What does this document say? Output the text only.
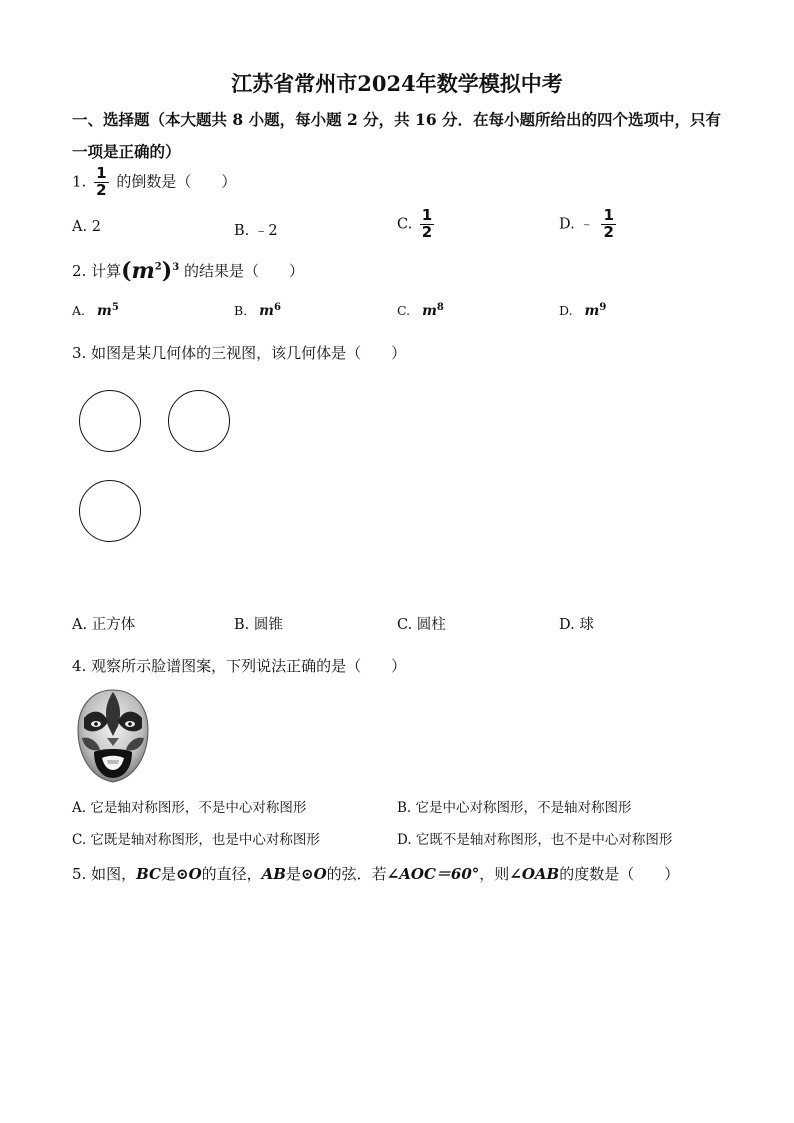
江苏省常州市2024年数学模拟中考
一、选择题（本大题共 8 小题，每小题 2 分，共 16 分．在每小题所给出的四个选项中，只有
一项是正确的）
1. $\frac{1}{2}$ 的倒数是（　　）
A. 2	B. ﹣2	C. $\frac{1}{2}$	D. ﹣ $\frac{1}{2}$
2. 计算$(m^2)^3$ 的结果是（　　）
A. $m^5$	B. $m^6$	C. $m^8$	D. $m^9$
3. 如图是某几何体的三视图，该几何体是（　　）
A. 正方体	B. 圆锥	C. 圆柱	D. 球
4. 观察所示脸谱图案，下列说法正确的是（　　）
A. 它是轴对称图形，不是中心对称图形	B. 它是中心对称图形，不是轴对称图形
C. 它既是轴对称图形，也是中心对称图形	D. 它既不是轴对称图形，也不是中心对称图形
5. 如图，BC是⊙O的直径，AB是⊙O的弦．若∠AOC＝60°，则∠OAB的度数是（　　）
